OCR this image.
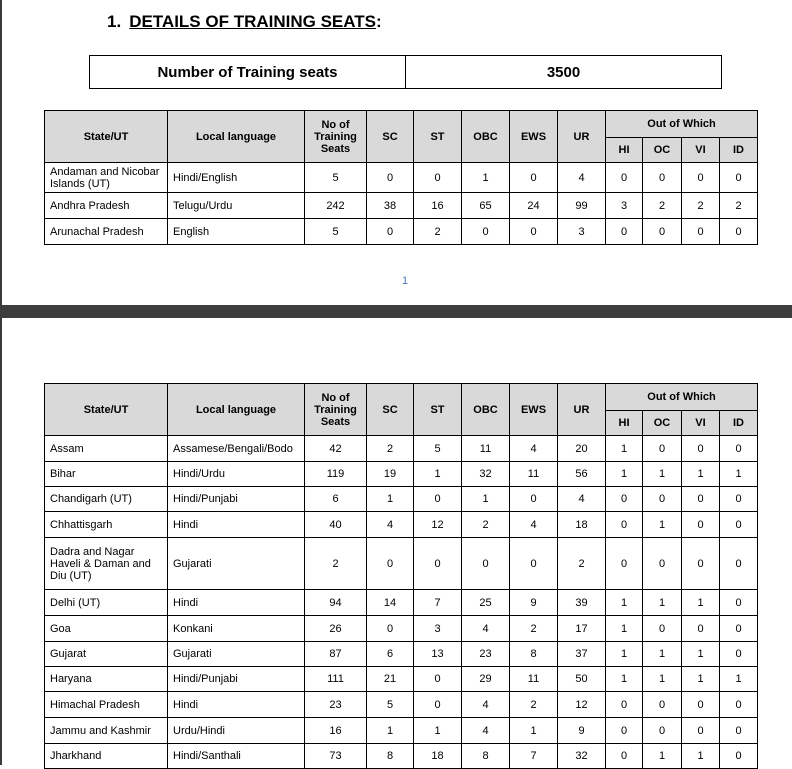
1. DETAILS OF TRAINING SEATS:
Number of Training seats	3500
State/UT	Local language	No of Training Seats	SC	ST	OBC	EWS	UR	Out of Which			
								HI	OC	VI	ID
Andaman and Nicobar Islands (UT)	Hindi/English	5	0	0	1	0	4	0	0	0	0
Andhra Pradesh	Telugu/Urdu	242	38	16	65	24	99	3	2	2	2
Arunachal Pradesh	English	5	0	2	0	0	3	0	0	0	0
1
State/UT	Local language	No of Training Seats	SC	ST	OBC	EWS	UR	Out of Which			
								HI	OC	VI	ID
Assam	Assamese/Bengali/Bodo	42	2	5	11	4	20	1	0	0	0
Bihar	Hindi/Urdu	119	19	1	32	11	56	1	1	1	1
Chandigarh (UT)	Hindi/Punjabi	6	1	0	1	0	4	0	0	0	0
Chhattisgarh	Hindi	40	4	12	2	4	18	0	1	0	0
Dadra and Nagar Haveli & Daman and Diu (UT)	Gujarati	2	0	0	0	0	2	0	0	0	0
Delhi (UT)	Hindi	94	14	7	25	9	39	1	1	1	0
Goa	Konkani	26	0	3	4	2	17	1	0	0	0
Gujarat	Gujarati	87	6	13	23	8	37	1	1	1	0
Haryana	Hindi/Punjabi	111	21	0	29	11	50	1	1	1	1
Himachal Pradesh	Hindi	23	5	0	4	2	12	0	0	0	0
Jammu and Kashmir	Urdu/Hindi	16	1	1	4	1	9	0	0	0	0
Jharkhand	Hindi/Santhali	73	8	18	8	7	32	0	1	1	0
